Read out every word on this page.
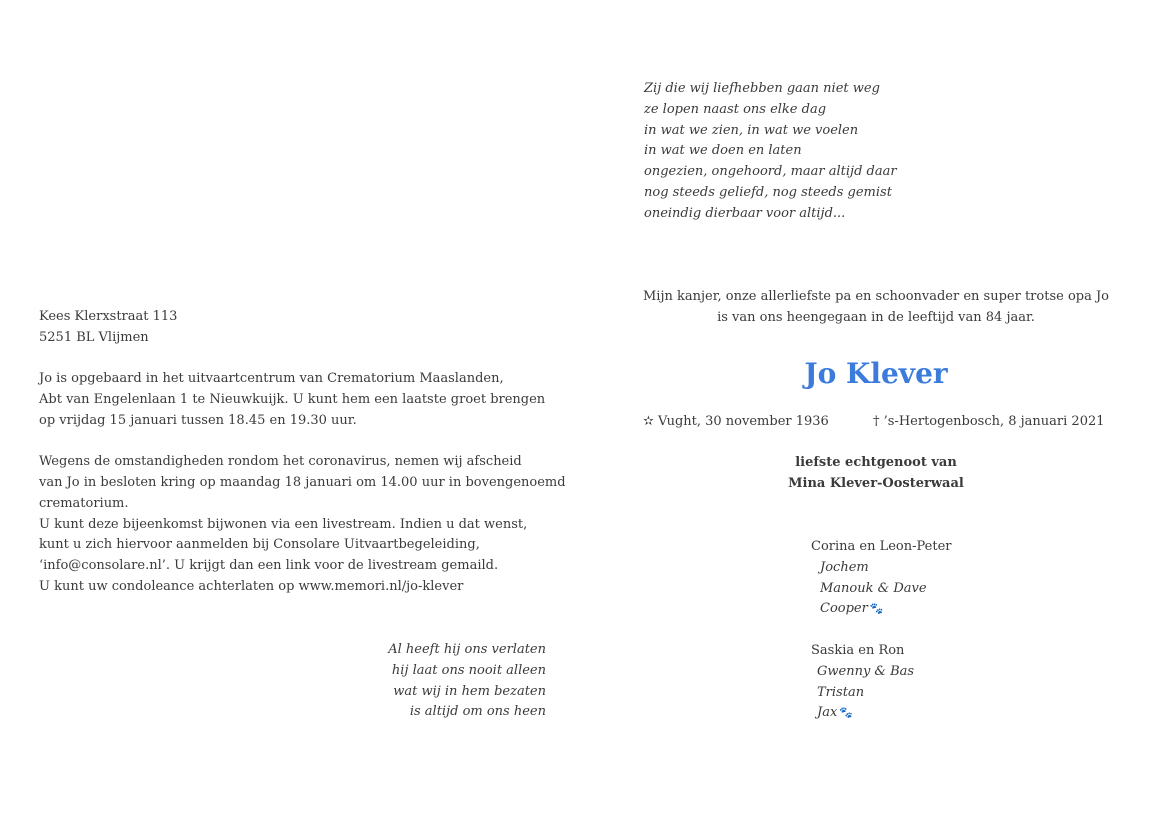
Kees Klerxstraat 113
5251 BL Vlijmen
Jo is opgebaard in het uitvaartcentrum van Crematorium Maaslanden,
Abt van Engelenlaan 1 te Nieuwkuijk. U kunt hem een laatste groet brengen
op vrijdag 15 januari tussen 18.45 en 19.30 uur.
Wegens de omstandigheden rondom het coronavirus, nemen wij afscheid
van Jo in besloten kring op maandag 18 januari om 14.00 uur in bovengenoemd
crematorium.
U kunt deze bijeenkomst bijwonen via een livestream. Indien u dat wenst,
kunt u zich hiervoor aanmelden bij Consolare Uitvaartbegeleiding,
‘info@consolare.nl’. U krijgt dan een link voor de livestream gemaild.
U kunt uw condoleance achterlaten op www.memori.nl/jo-klever
Al heeft hij ons verlaten
hij laat ons nooit alleen
wat wij in hem bezaten
is altijd om ons heen
Zij die wij liefhebben gaan niet weg
ze lopen naast ons elke dag
in wat we zien, in wat we voelen
in wat we doen en laten
ongezien, ongehoord, maar altijd daar
nog steeds geliefd, nog steeds gemist
oneindig dierbaar voor altijd...
Mijn kanjer, onze allerliefste pa en schoonvader en super trotse opa Jo
is van ons heengegaan in de leeftijd van 84 jaar.
Jo Klever
✫ Vught, 30 november 1936	† ’s-Hertogenbosch, 8 januari 2021
liefste echtgenoot van
Mina Klever-Oosterwaal
Corina en Leon-Peter
Jochem
Manouk & Dave
Cooper 🐾
Saskia en Ron
Gwenny & Bas
Tristan
Jax 🐾
